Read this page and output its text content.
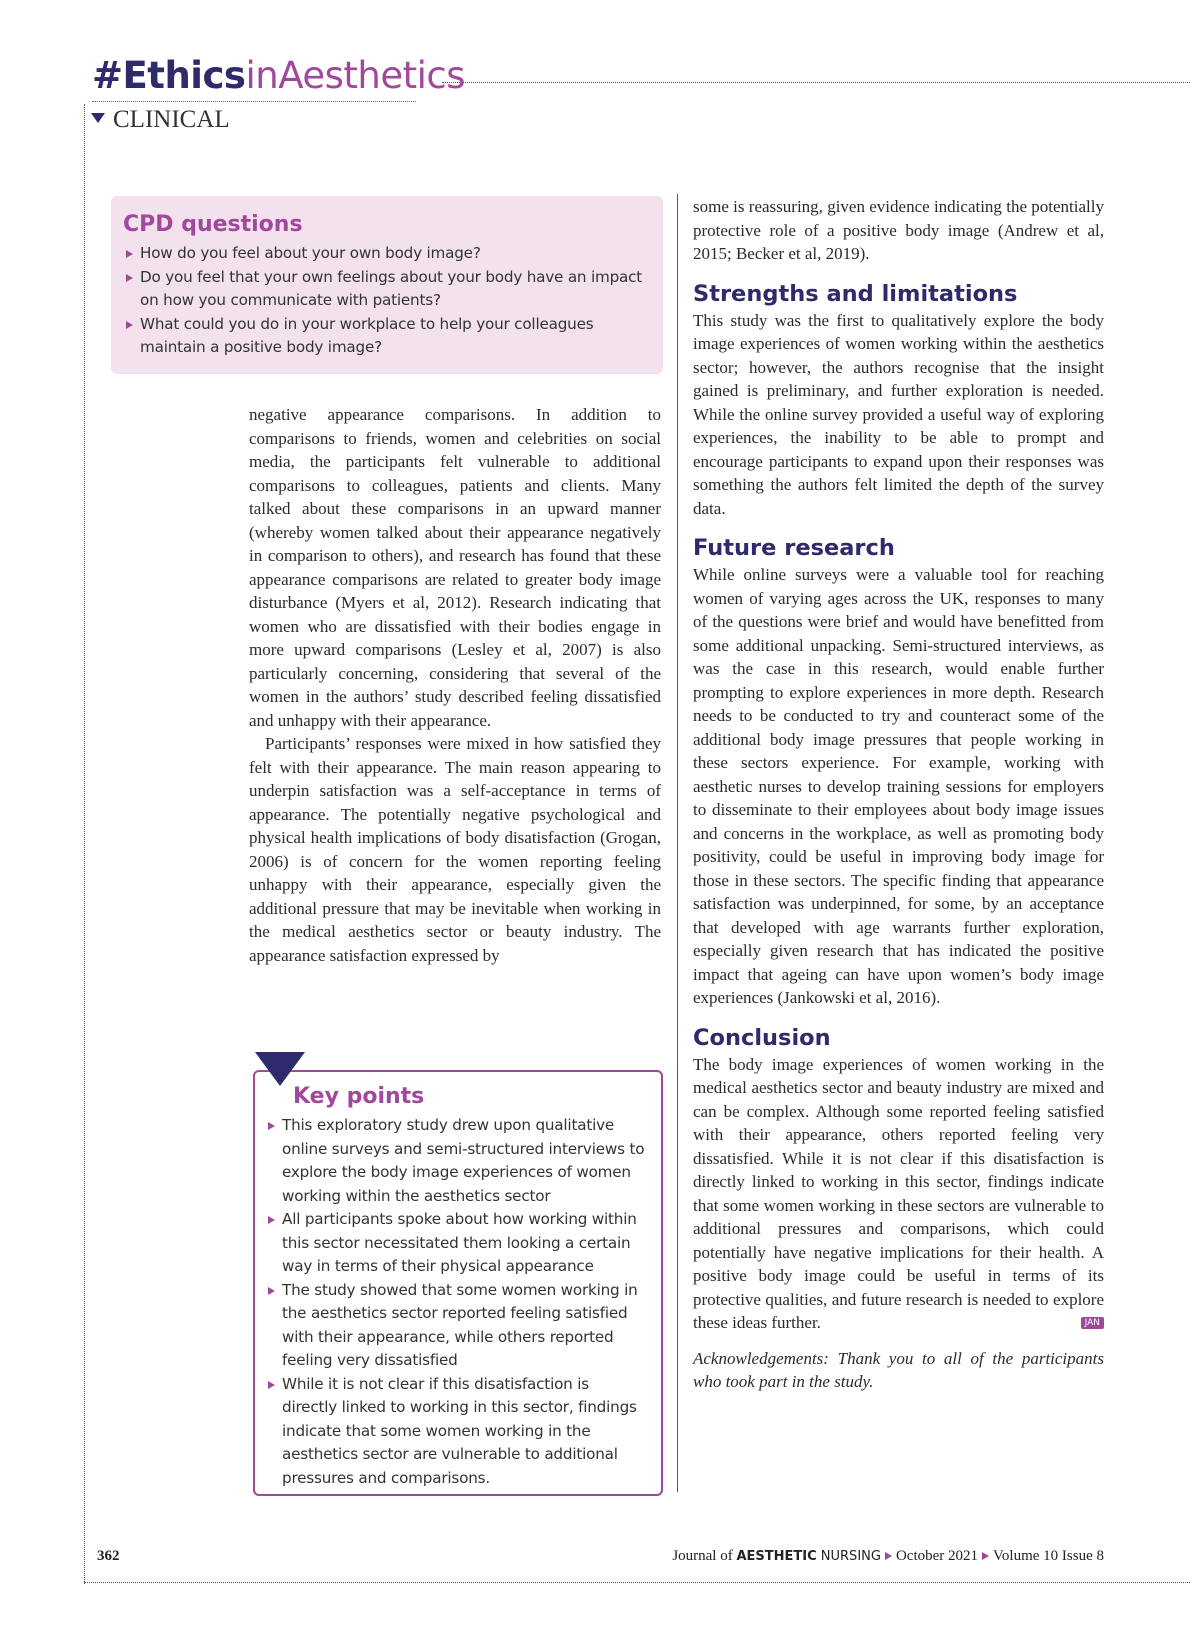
#EthicsinAesthetics
CLINICAL
CPD questions
How do you feel about your own body image?
Do you feel that your own feelings about your body have an impact on how you communicate with patients?
What could you do in your workplace to help your colleagues maintain a positive body image?

negative appearance comparisons. In addition to comparisons to friends, women and celebrities on social media, the participants felt vulnerable to additional comparisons to colleagues, patients and clients. Many talked about these comparisons in an upward manner (whereby women talked about their appearance negatively in comparison to others), and research has found that these appearance comparisons are related to greater body image disturbance (Myers et al, 2012). Research indicating that women who are dissatisfied with their bodies engage in more upward comparisons (Lesley et al, 2007) is also particularly concerning, considering that several of the women in the authors’ study described feeling dissatisfied and unhappy with their appearance.

Participants’ responses were mixed in how satisfied they felt with their appearance. The main reason appearing to underpin satisfaction was a self-acceptance in terms of appearance. The potentially negative psychological and physical health implications of body disatisfaction (Grogan, 2006) is of concern for the women reporting feeling unhappy with their appearance, especially given the additional pressure that may be inevitable when working in the medical aesthetics sector or beauty industry. The appearance satisfaction expressed by

Key points
This exploratory study drew upon qualitative online surveys and semi-structured interviews to explore the body image experiences of women working within the aesthetics sector
All participants spoke about how working within this sector necessitated them looking a certain way in terms of their physical appearance
The study showed that some women working in the aesthetics sector reported feeling satisfied with their appearance, while others reported feeling very dissatisfied
While it is not clear if this disatisfaction is directly linked to working in this sector, findings indicate that some women working in the aesthetics sector are vulnerable to additional pressures and comparisons.

some is reassuring, given evidence indicating the potentially protective role of a positive body image (Andrew et al, 2015; Becker et al, 2019).

Strengths and limitations

This study was the first to qualitatively explore the body image experiences of women working within the aesthetics sector; however, the authors recognise that the insight gained is preliminary, and further exploration is needed. While the online survey provided a useful way of exploring experiences, the inability to be able to prompt and encourage participants to expand upon their responses was something the authors felt limited the depth of the survey data.

Future research

While online surveys were a valuable tool for reaching women of varying ages across the UK, responses to many of the questions were brief and would have benefitted from some additional unpacking. Semi-structured interviews, as was the case in this research, would enable further prompting to explore experiences in more depth. Research needs to be conducted to try and counteract some of the additional body image pressures that people working in these sectors experience. For example, working with aesthetic nurses to develop training sessions for employers to disseminate to their employees about body image issues and concerns in the workplace, as well as promoting body positivity, could be useful in improving body image for those in these sectors. The specific finding that appearance satisfaction was underpinned, for some, by an acceptance that developed with age warrants further exploration, especially given research that has indicated the positive impact that ageing can have upon women’s body image experiences (Jankowski et al, 2016).

Conclusion

The body image experiences of women working in the medical aesthetics sector and beauty industry are mixed and can be complex. Although some reported feeling satisfied with their appearance, others reported feeling very dissatisfied. While it is not clear if this disatisfaction is directly linked to working in this sector, findings indicate that some women working in these sectors are vulnerable to additional pressures and comparisons, which could potentially have negative implications for their health. A positive body image could be useful in terms of its protective qualities, and future research is needed to explore these ideas further.	JAN

Acknowledgements: Thank you to all of the participants who took part in the study.

362	Journal of AESTHETIC NURSING October 2021 Volume 10 Issue 8
